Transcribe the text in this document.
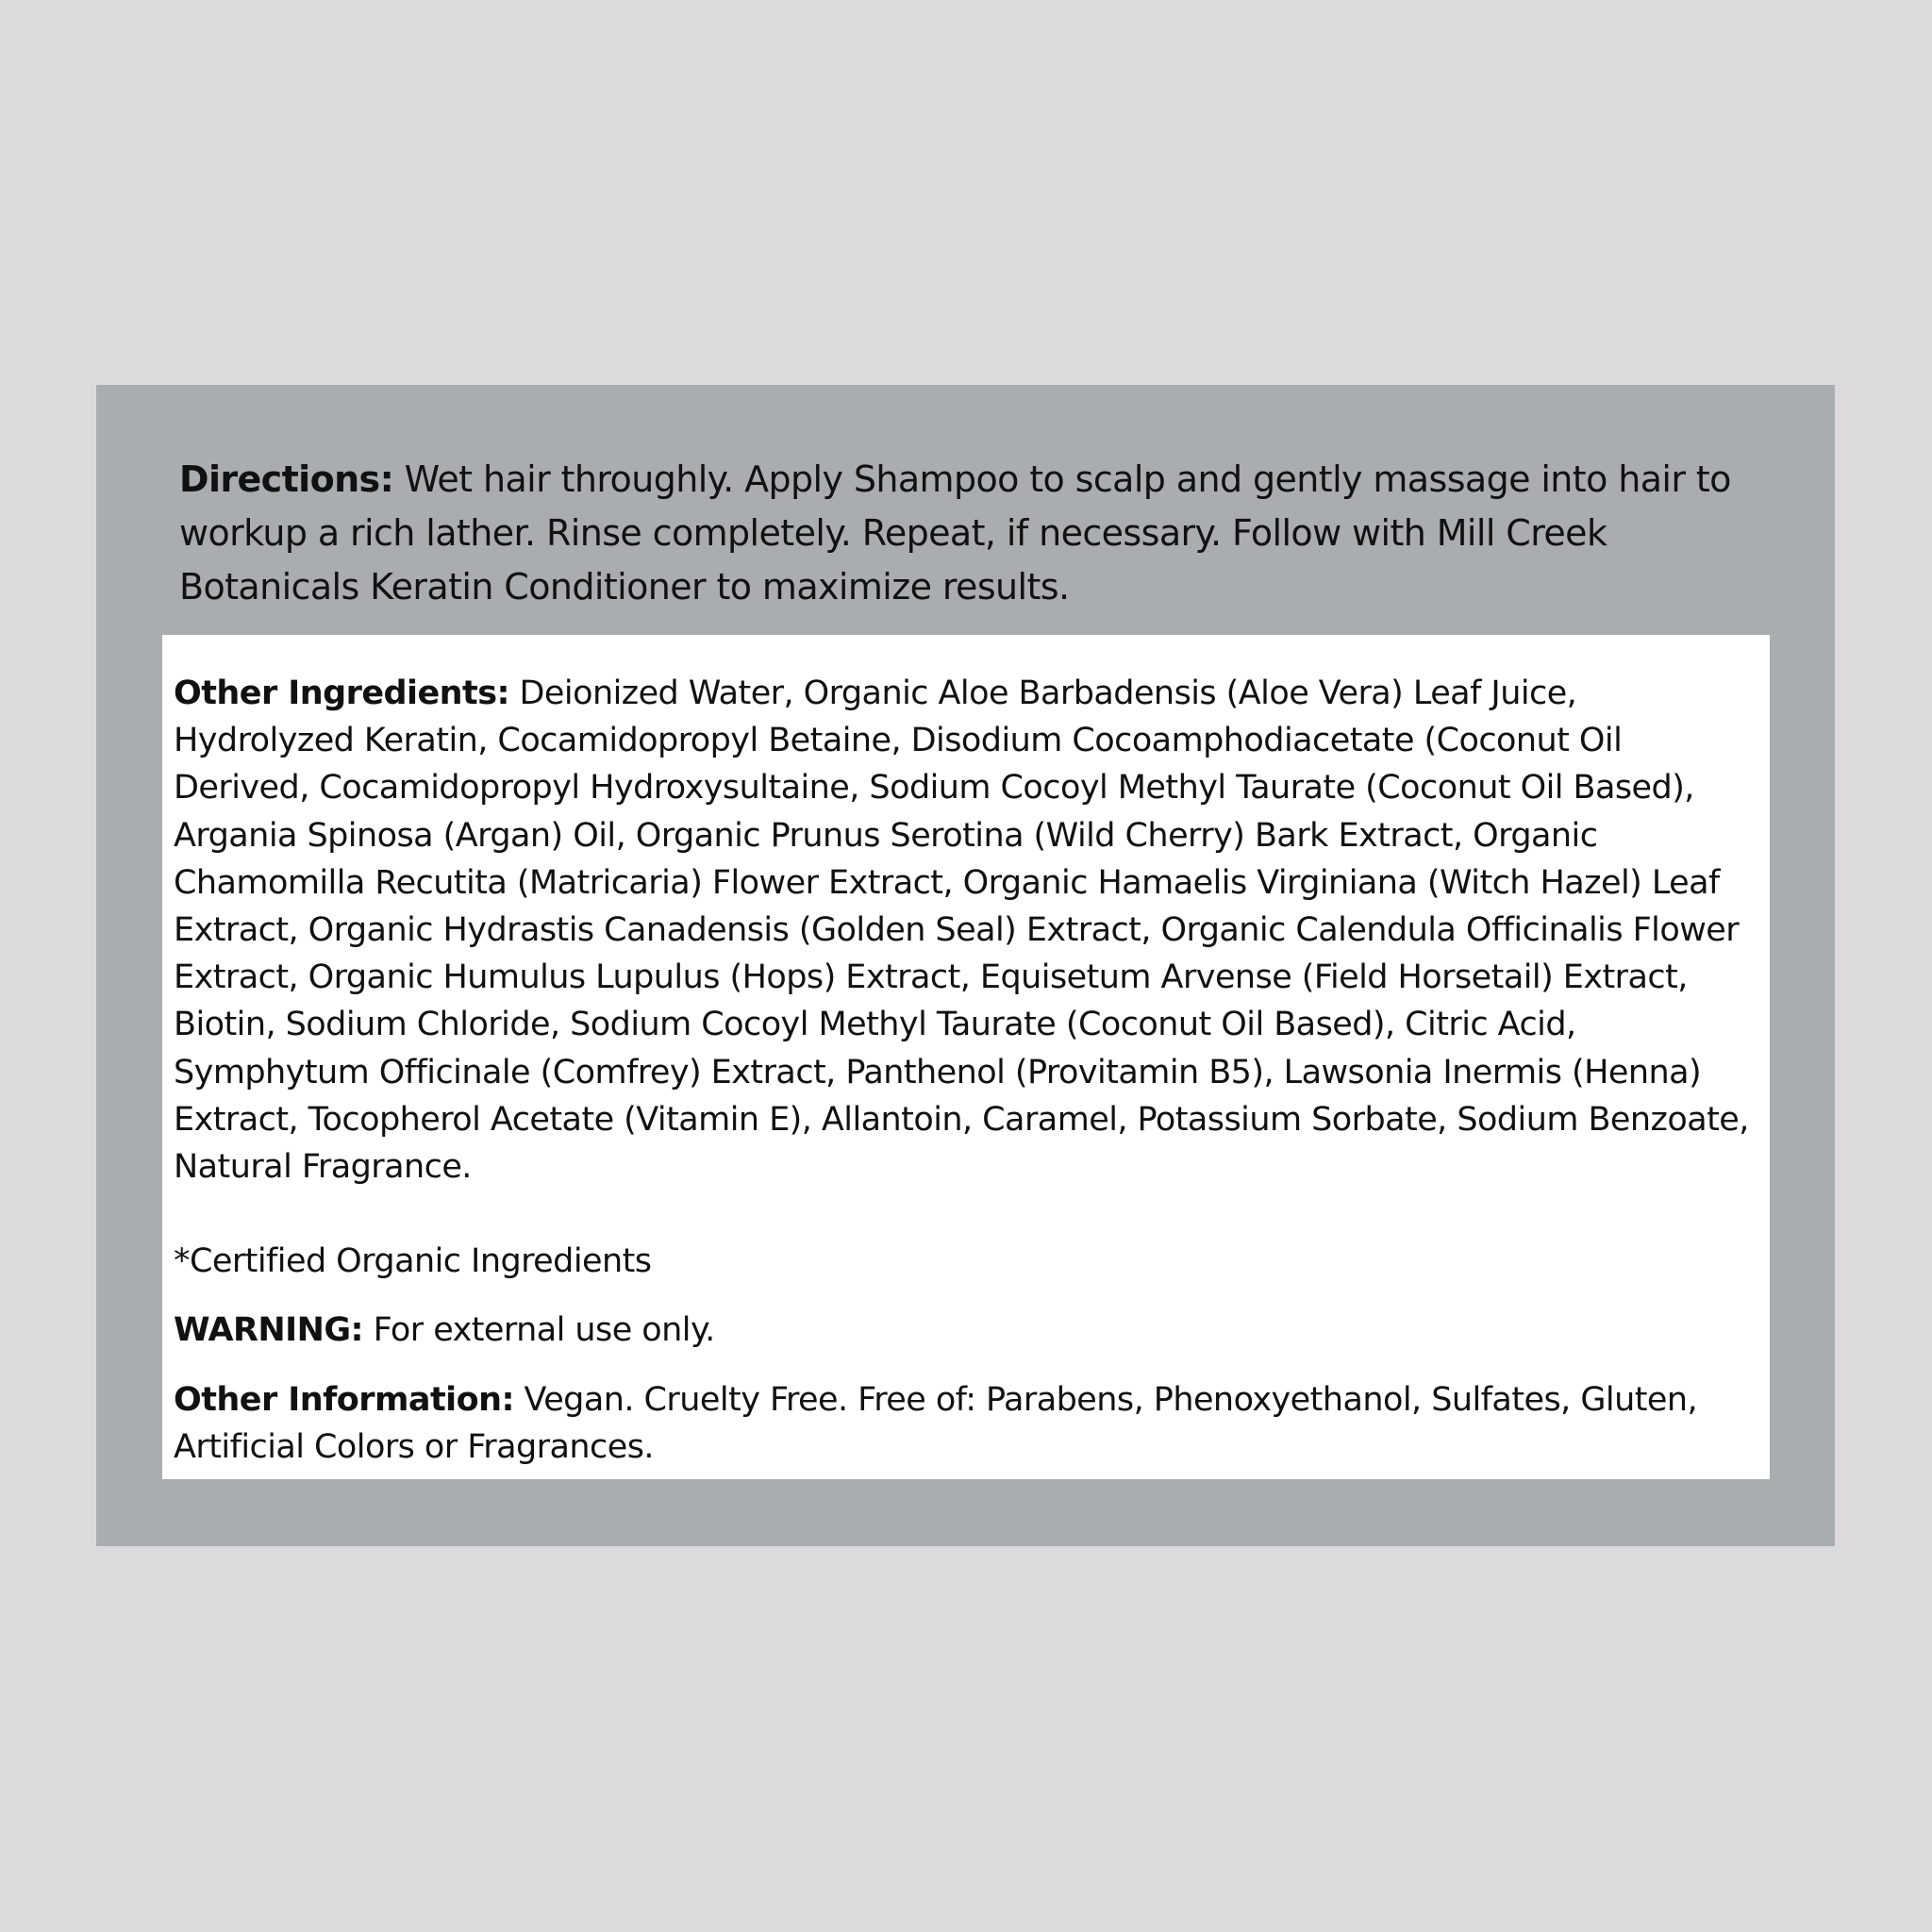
Directions: Wet hair throughly. Apply Shampoo to scalp and gently massage into hair to workup a rich lather. Rinse completely. Repeat, if necessary. Follow with Mill Creek Botanicals Keratin Conditioner to maximize results.

Other Ingredients: Deionized Water, Organic Aloe Barbadensis (Aloe Vera) Leaf Juice, Hydrolyzed Keratin, Cocamidopropyl Betaine, Disodium Cocoamphodiacetate (Coconut Oil Derived, Cocamidopropyl Hydroxysultaine, Sodium Cocoyl Methyl Taurate (Coconut Oil Based), Argania Spinosa (Argan) Oil, Organic Prunus Serotina (Wild Cherry) Bark Extract, Organic Chamomilla Recutita (Matricaria) Flower Extract, Organic Hamaelis Virginiana (Witch Hazel) Leaf Extract, Organic Hydrastis Canadensis (Golden Seal) Extract, Organic Calendula Officinalis Flower Extract, Organic Humulus Lupulus (Hops) Extract, Equisetum Arvense (Field Horsetail) Extract, Biotin, Sodium Chloride, Sodium Cocoyl Methyl Taurate (Coconut Oil Based), Citric Acid, Symphytum Officinale (Comfrey) Extract, Panthenol (Provitamin B5), Lawsonia Inermis (Henna) Extract, Tocopherol Acetate (Vitamin E), Allantoin, Caramel, Potassium Sorbate, Sodium Benzoate, Natural Fragrance.

*Certified Organic Ingredients

WARNING: For external use only.

Other Information: Vegan. Cruelty Free. Free of: Parabens, Phenoxyethanol, Sulfates, Gluten, Artificial Colors or Fragrances.
